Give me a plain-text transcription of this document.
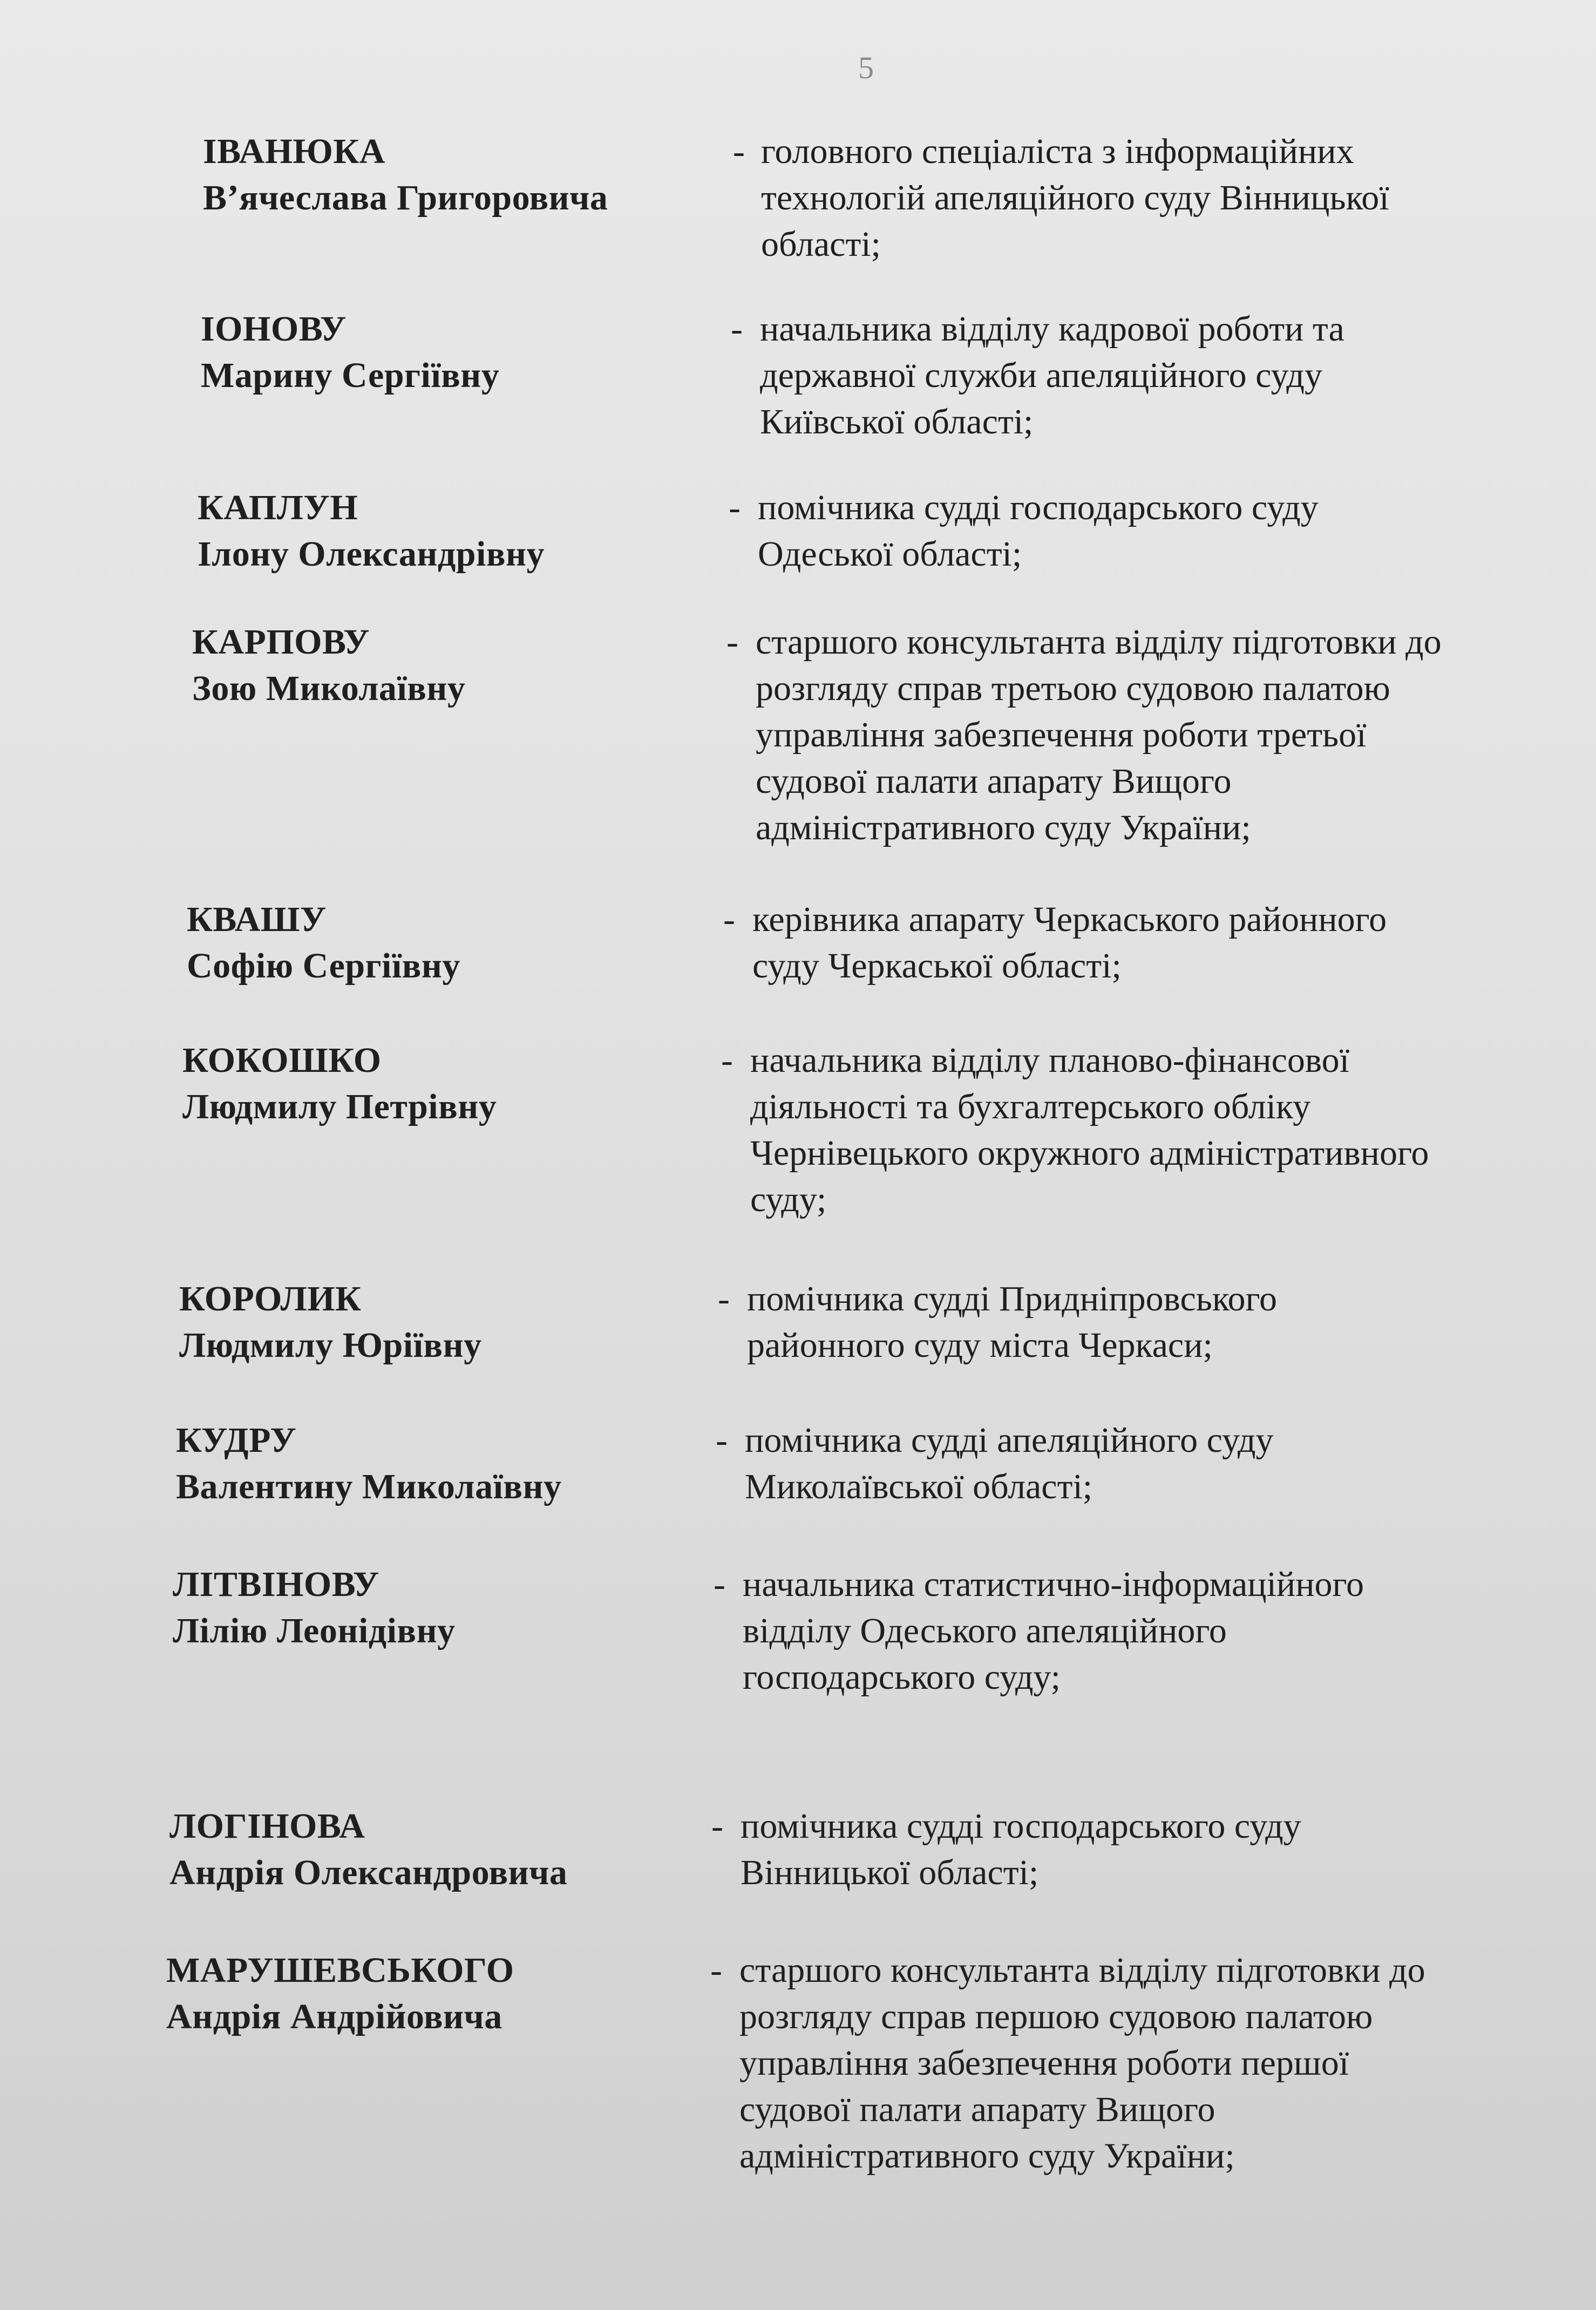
5
ІВАНЮКА
В’ячеслава Григоровича
- головного спеціаліста з інформаційних
технологій апеляційного суду Вінницької
області;
ІОНОВУ
Марину Сергіївну
- начальника відділу кадрової роботи та
державної служби апеляційного суду
Київської області;
КАПЛУН
Ілону Олександрівну
- помічника судді господарського суду
Одеської області;
КАРПОВУ
Зою Миколаївну
- старшого консультанта відділу підготовки до
розгляду справ третьою судовою палатою
управління забезпечення роботи третьої
судової палати апарату Вищого
адміністративного суду України;
КВАШУ
Софію Сергіївну
- керівника апарату Черкаського районного
суду Черкаської області;
КОКОШКО
Людмилу Петрівну
- начальника відділу планово-фінансової
діяльності та бухгалтерського обліку
Чернівецького окружного адміністративного
суду;
КОРОЛИК
Людмилу Юріївну
- помічника судді Придніпровського
районного суду міста Черкаси;
КУДРУ
Валентину Миколаївну
- помічника судді апеляційного суду
Миколаївської області;
ЛІТВІНОВУ
Лілію Леонідівну
- начальника статистично-інформаційного
відділу Одеського апеляційного
господарського суду;
ЛОГІНОВА
Андрія Олександровича
- помічника судді господарського суду
Вінницької області;
МАРУШЕВСЬКОГО
Андрія Андрійовича
- старшого консультанта відділу підготовки до
розгляду справ першою судовою палатою
управління забезпечення роботи першої
судової палати апарату Вищого
адміністративного суду України;
